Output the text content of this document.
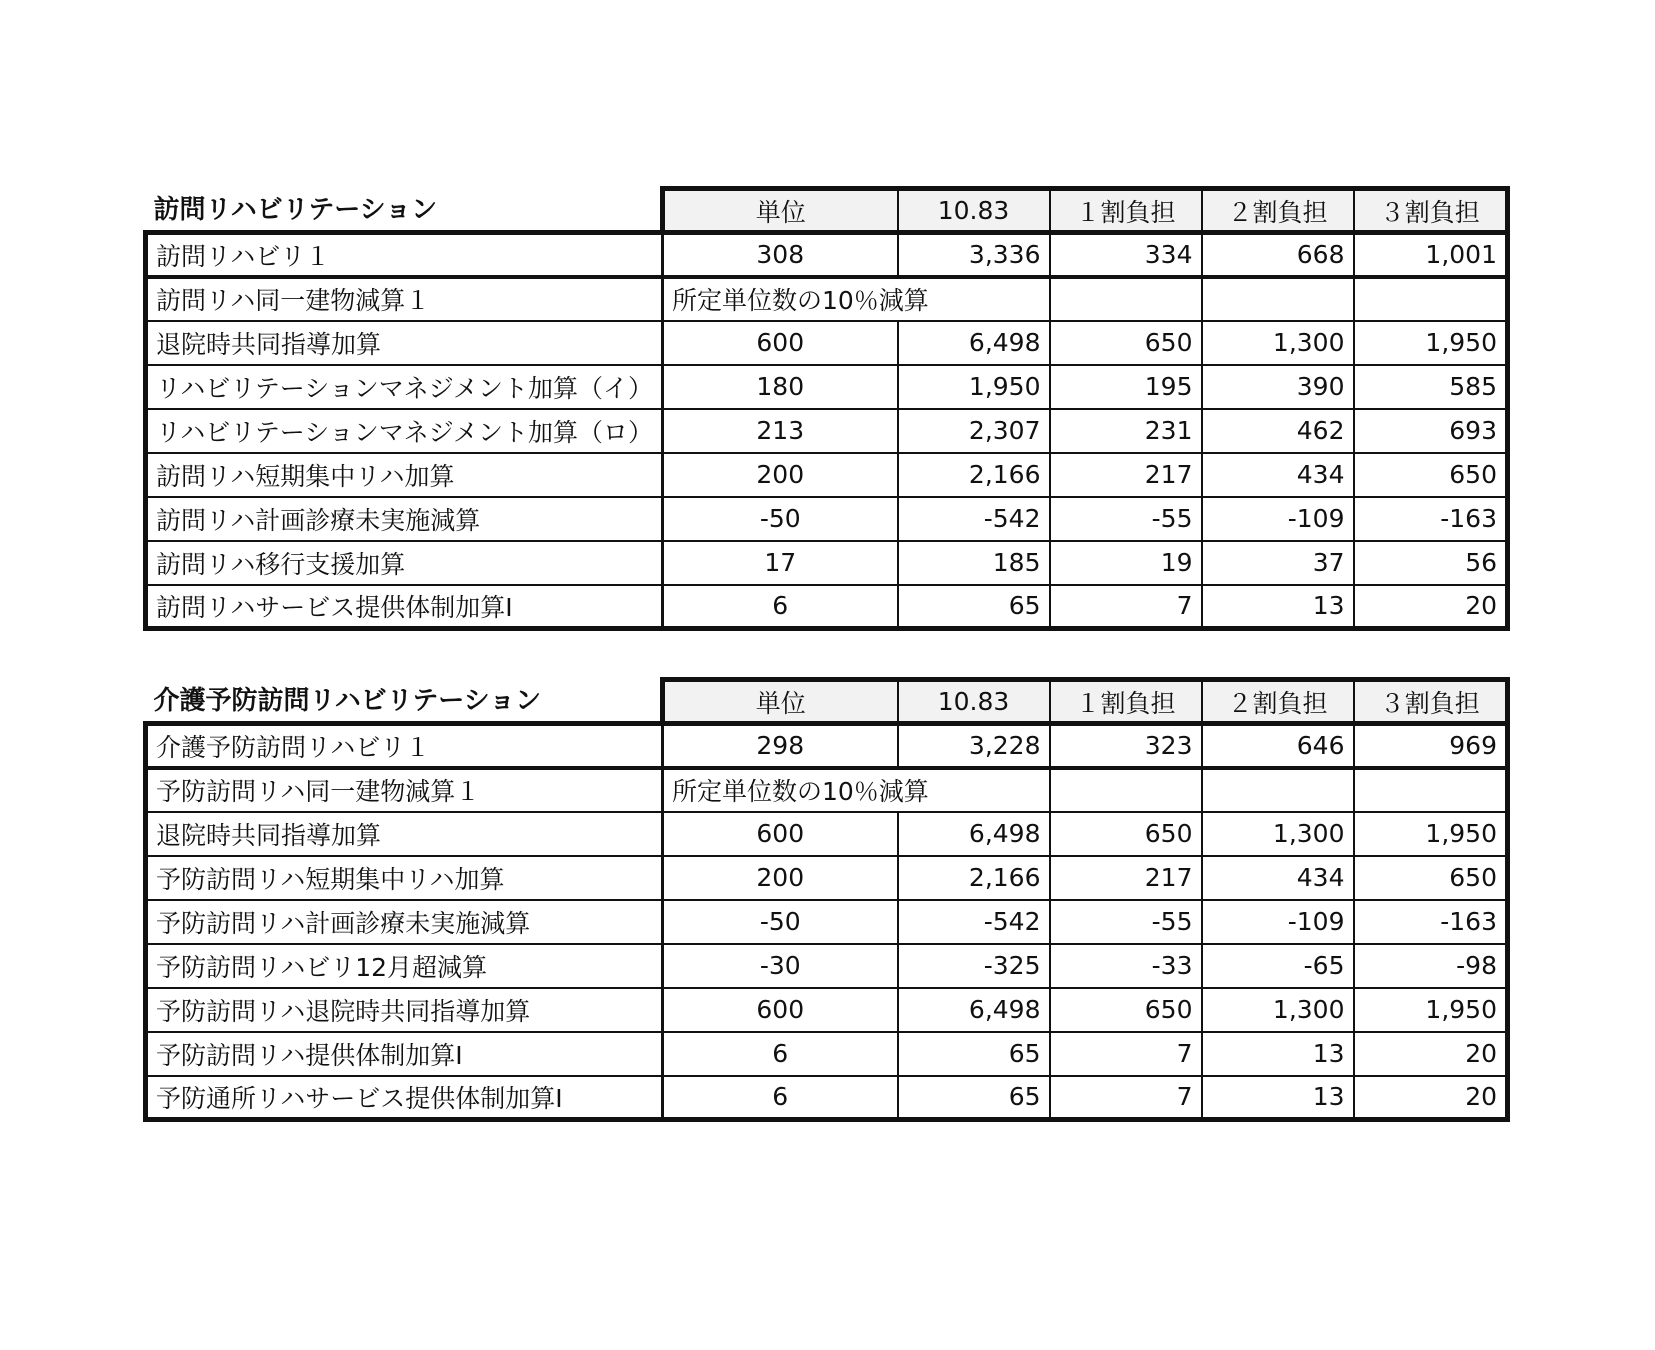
訪問リハビリテーション	単位	10.83	１割負担	２割負担	３割負担
訪問リハビリ１	308	3,336	334	668	1,001
訪問リハ同一建物減算１	所定単位数の10％減算				
退院時共同指導加算	600	6,498	650	1,300	1,950
リハビリテーションマネジメント加算（イ）	180	1,950	195	390	585
リハビリテーションマネジメント加算（ロ）	213	2,307	231	462	693
訪問リハ短期集中リハ加算	200	2,166	217	434	650
訪問リハ計画診療未実施減算	-50	-542	-55	-109	-163
訪問リハ移行支援加算	17	185	19	37	56
訪問リハサービス提供体制加算Ⅰ	6	65	7	13	20
介護予防訪問リハビリテーション	単位	10.83	１割負担	２割負担	３割負担
介護予防訪問リハビリ１	298	3,228	323	646	969
予防訪問リハ同一建物減算１	所定単位数の10％減算				
退院時共同指導加算	600	6,498	650	1,300	1,950
予防訪問リハ短期集中リハ加算	200	2,166	217	434	650
予防訪問リハ計画診療未実施減算	-50	-542	-55	-109	-163
予防訪問リハビリ12月超減算	-30	-325	-33	-65	-98
予防訪問リハ退院時共同指導加算	600	6,498	650	1,300	1,950
予防訪問リハ提供体制加算Ⅰ	6	65	7	13	20
予防通所リハサービス提供体制加算Ⅰ	6	65	7	13	20
